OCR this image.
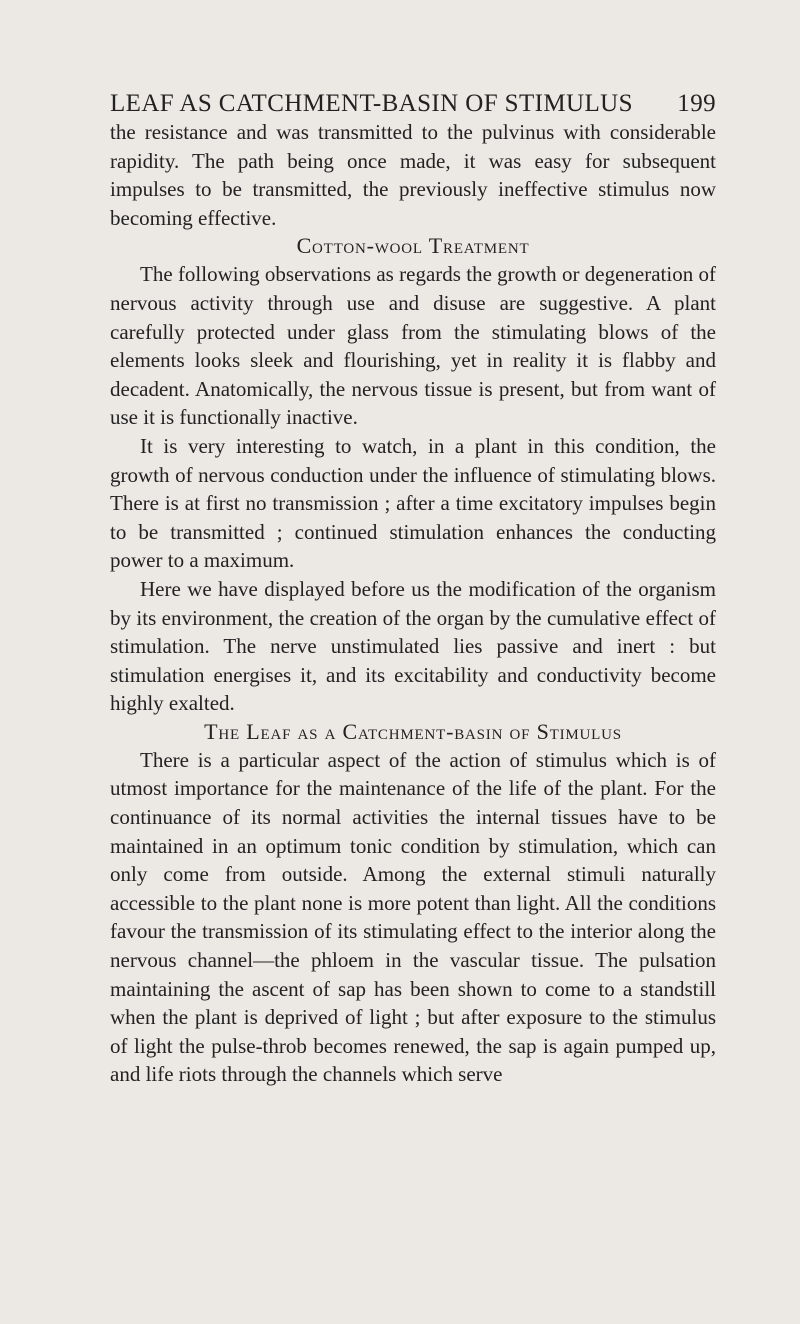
LEAF AS CATCHMENT-BASIN OF STIMULUS 199

the resistance and was transmitted to the pulvinus with considerable rapidity. The path being once made, it was easy for subsequent impulses to be transmitted, the previously ineffective stimulus now becoming effective.

Cotton-wool Treatment

The following observations as regards the growth or degeneration of nervous activity through use and disuse are suggestive. A plant carefully protected under glass from the stimulating blows of the elements looks sleek and flourishing, yet in reality it is flabby and decadent. Anatomically, the nervous tissue is present, but from want of use it is functionally inactive.

It is very interesting to watch, in a plant in this condition, the growth of nervous conduction under the influence of stimulating blows. There is at first no transmission ; after a time excitatory impulses begin to be transmitted ; continued stimulation enhances the conducting power to a maximum.

Here we have displayed before us the modification of the organism by its environment, the creation of the organ by the cumulative effect of stimulation. The nerve unstimulated lies passive and inert : but stimulation energises it, and its excitability and conductivity become highly exalted.

The Leaf as a Catchment-basin of Stimulus

There is a particular aspect of the action of stimulus which is of utmost importance for the maintenance of the life of the plant. For the continuance of its normal activities the internal tissues have to be maintained in an optimum tonic condition by stimulation, which can only come from outside. Among the external stimuli naturally accessible to the plant none is more potent than light. All the conditions favour the transmission of its stimulating effect to the interior along the nervous channel—the phloem in the vascular tissue. The pulsation maintaining the ascent of sap has been shown to come to a standstill when the plant is deprived of light ; but after exposure to the stimulus of light the pulse-throb becomes renewed, the sap is again pumped up, and life riots through the channels which serve
